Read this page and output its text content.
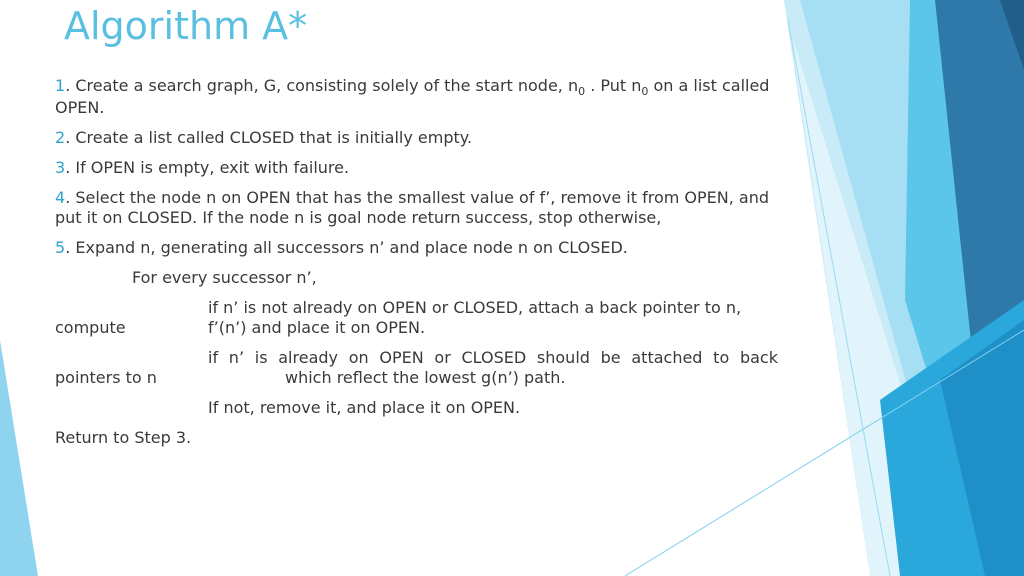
Algorithm A*

1. Create a search graph, G, consisting solely of the start node, $n_0$ . Put $n_0$ on a list called OPEN.

2. Create a list called CLOSED that is initially empty.

3. If OPEN is empty, exit with failure.

4. Select the node n on OPEN that has the smallest value of f’, remove it from OPEN, and put it on CLOSED. If the node n is goal node return success, stop otherwise,

5. Expand n, generating all successors n’ and place node n on CLOSED.

For every successor n’,

if n’ is not already on OPEN or CLOSED, attach a back pointer to n,
compute	f’(n’) and place it on OPEN.
if n’ is already on OPEN or CLOSED should be attached to back
pointers to n	which reflect the lowest g(n’) path.

If not, remove it, and place it on OPEN.

Return to Step 3.
